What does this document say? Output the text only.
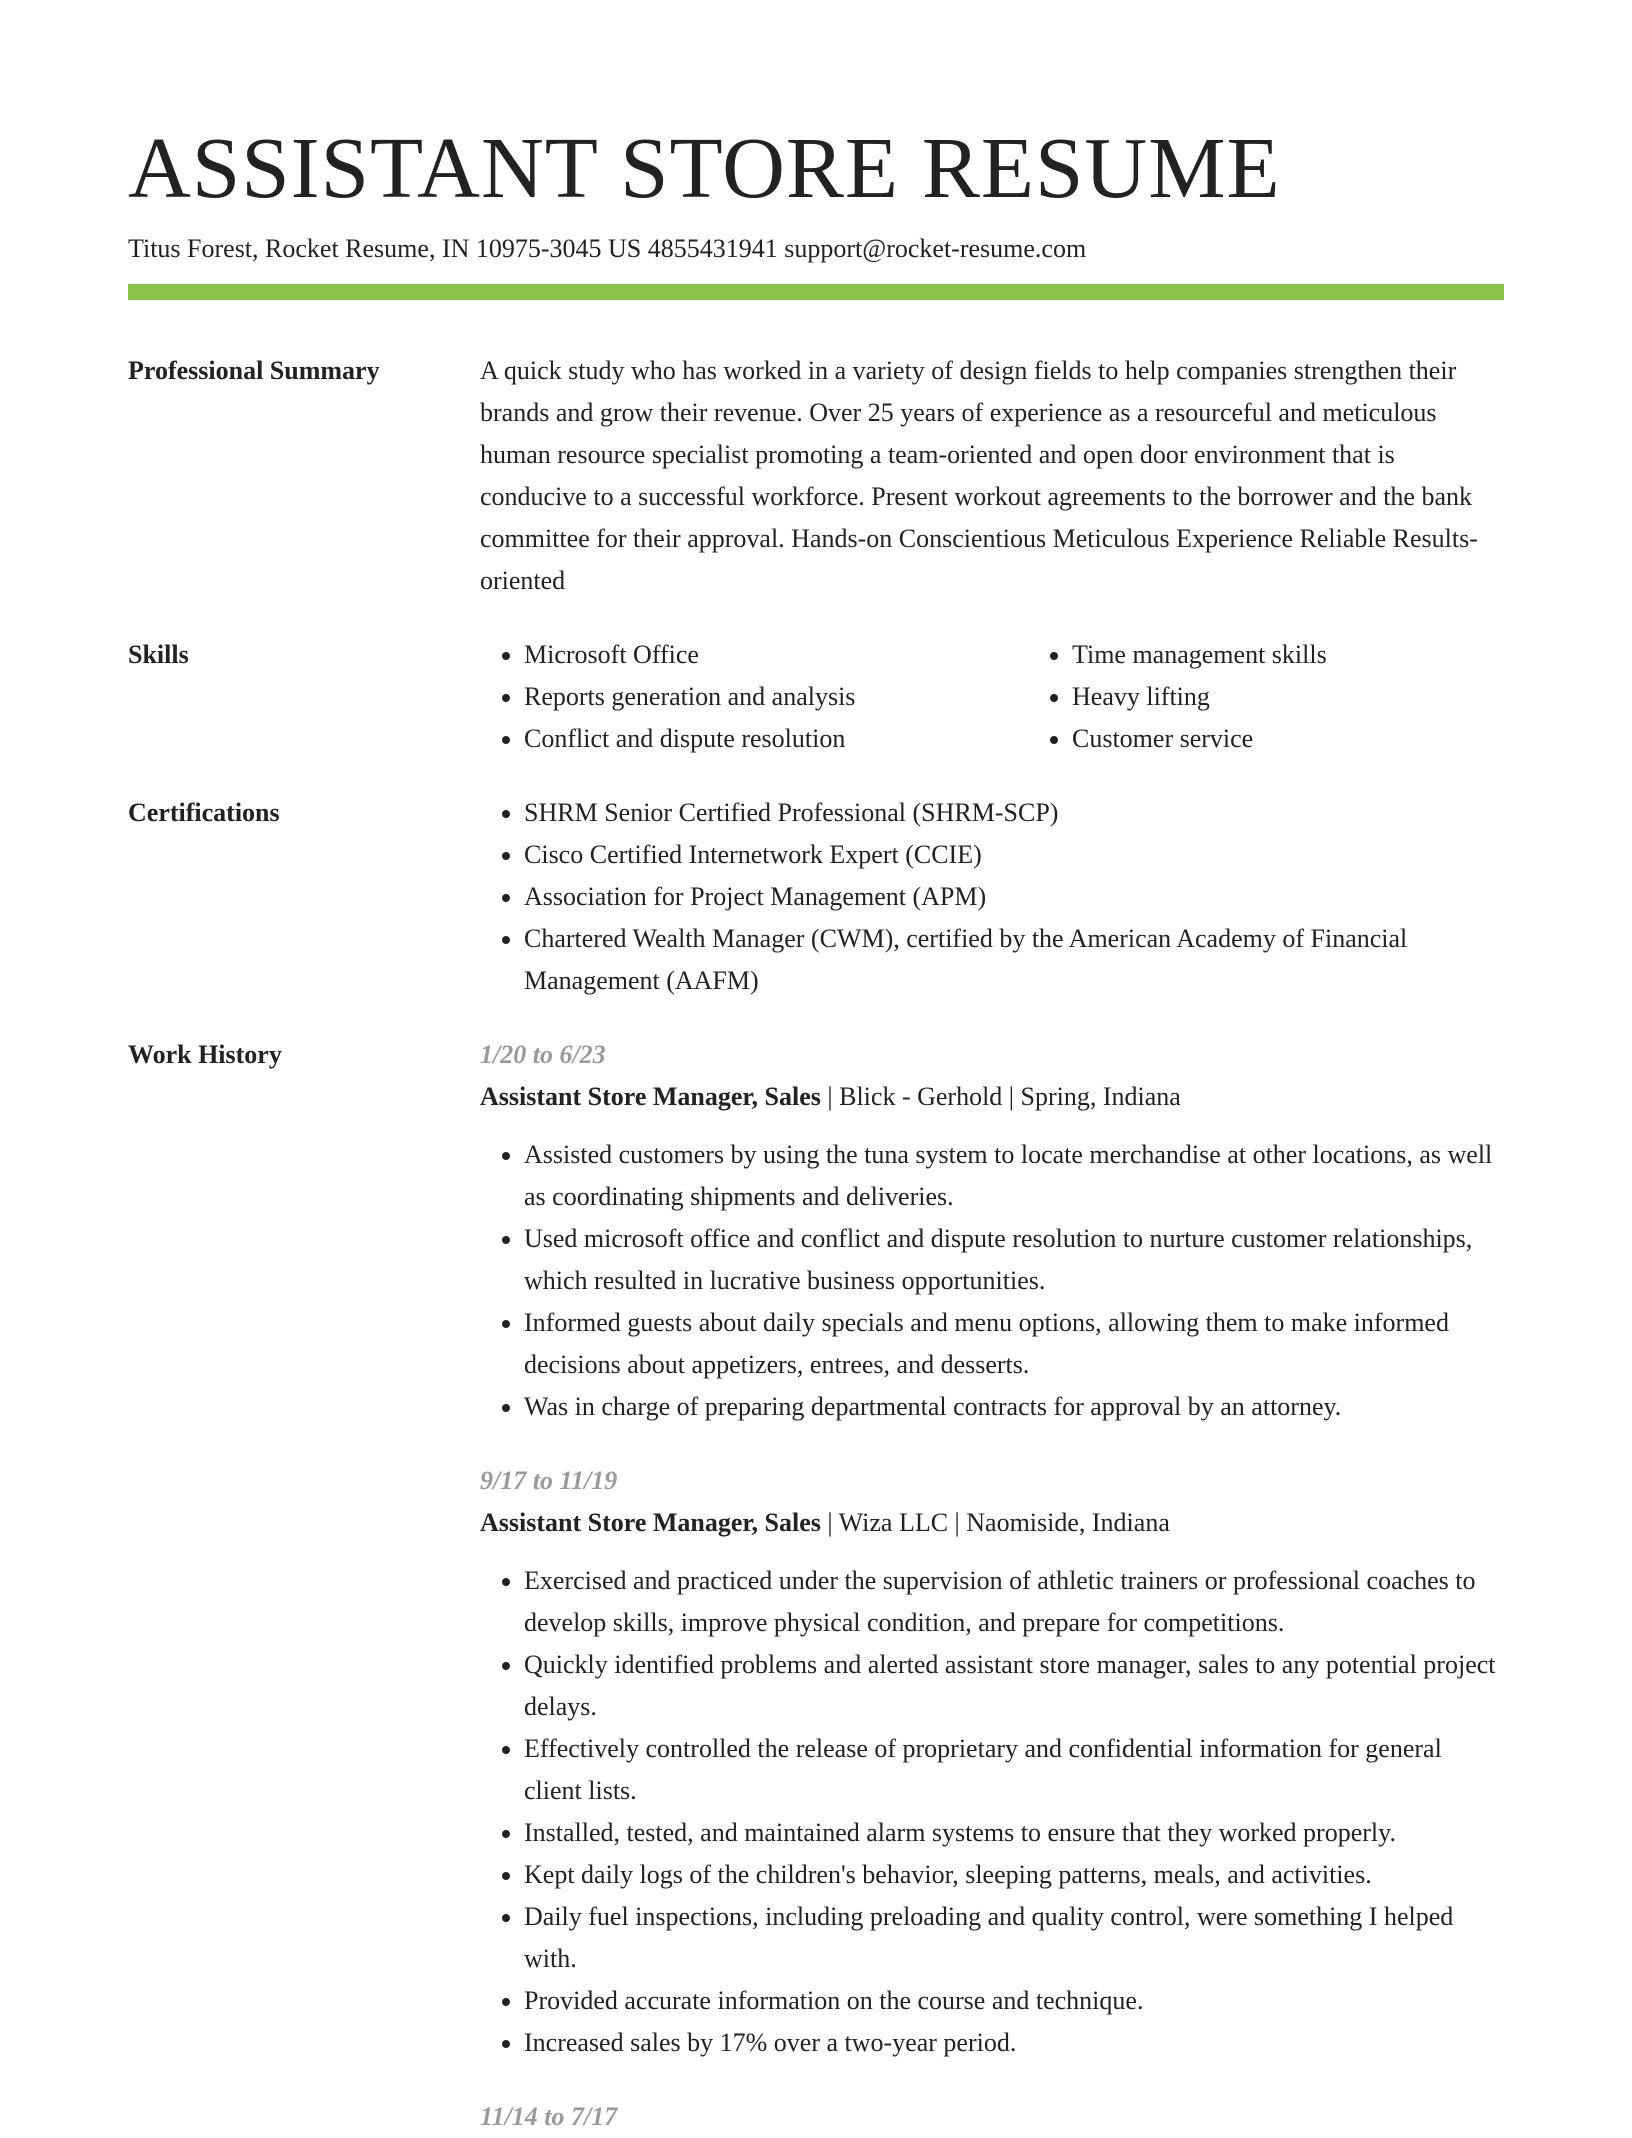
ASSISTANT STORE RESUME
Titus Forest, Rocket Resume, IN 10975-3045 US 4855431941 support@rocket-resume.com
Professional Summary	A quick study who has worked in a variety of design fields to help companies strengthen their brands and grow their revenue. Over 25 years of experience as a resourceful and meticulous human resource specialist promoting a team-oriented and open door environment that is conducive to a successful workforce. Present workout agreements to the borrower and the bank committee for their approval. Hands-on Conscientious Meticulous Experience Reliable Results-oriented
Skills	• Microsoft Office
• Reports generation and analysis
• Conflict and dispute resolution
• Time management skills
• Heavy lifting
• Customer service
Certifications	• SHRM Senior Certified Professional (SHRM-SCP)
• Cisco Certified Internetwork Expert (CCIE)
• Association for Project Management (APM)
• Chartered Wealth Manager (CWM), certified by the American Academy of Financial Management (AAFM)
Work History	1/20 to 6/23
Assistant Store Manager, Sales | Blick - Gerhold | Spring, Indiana
• Assisted customers by using the tuna system to locate merchandise at other locations, as well as coordinating shipments and deliveries.
• Used microsoft office and conflict and dispute resolution to nurture customer relationships, which resulted in lucrative business opportunities.
• Informed guests about daily specials and menu options, allowing them to make informed decisions about appetizers, entrees, and desserts.
• Was in charge of preparing departmental contracts for approval by an attorney.
9/17 to 11/19
Assistant Store Manager, Sales | Wiza LLC | Naomiside, Indiana
• Exercised and practiced under the supervision of athletic trainers or professional coaches to develop skills, improve physical condition, and prepare for competitions.
• Quickly identified problems and alerted assistant store manager, sales to any potential project delays.
• Effectively controlled the release of proprietary and confidential information for general client lists.
• Installed, tested, and maintained alarm systems to ensure that they worked properly.
• Kept daily logs of the children's behavior, sleeping patterns, meals, and activities.
• Daily fuel inspections, including preloading and quality control, were something I helped with.
• Provided accurate information on the course and technique.
• Increased sales by 17% over a two-year period.
11/14 to 7/17
